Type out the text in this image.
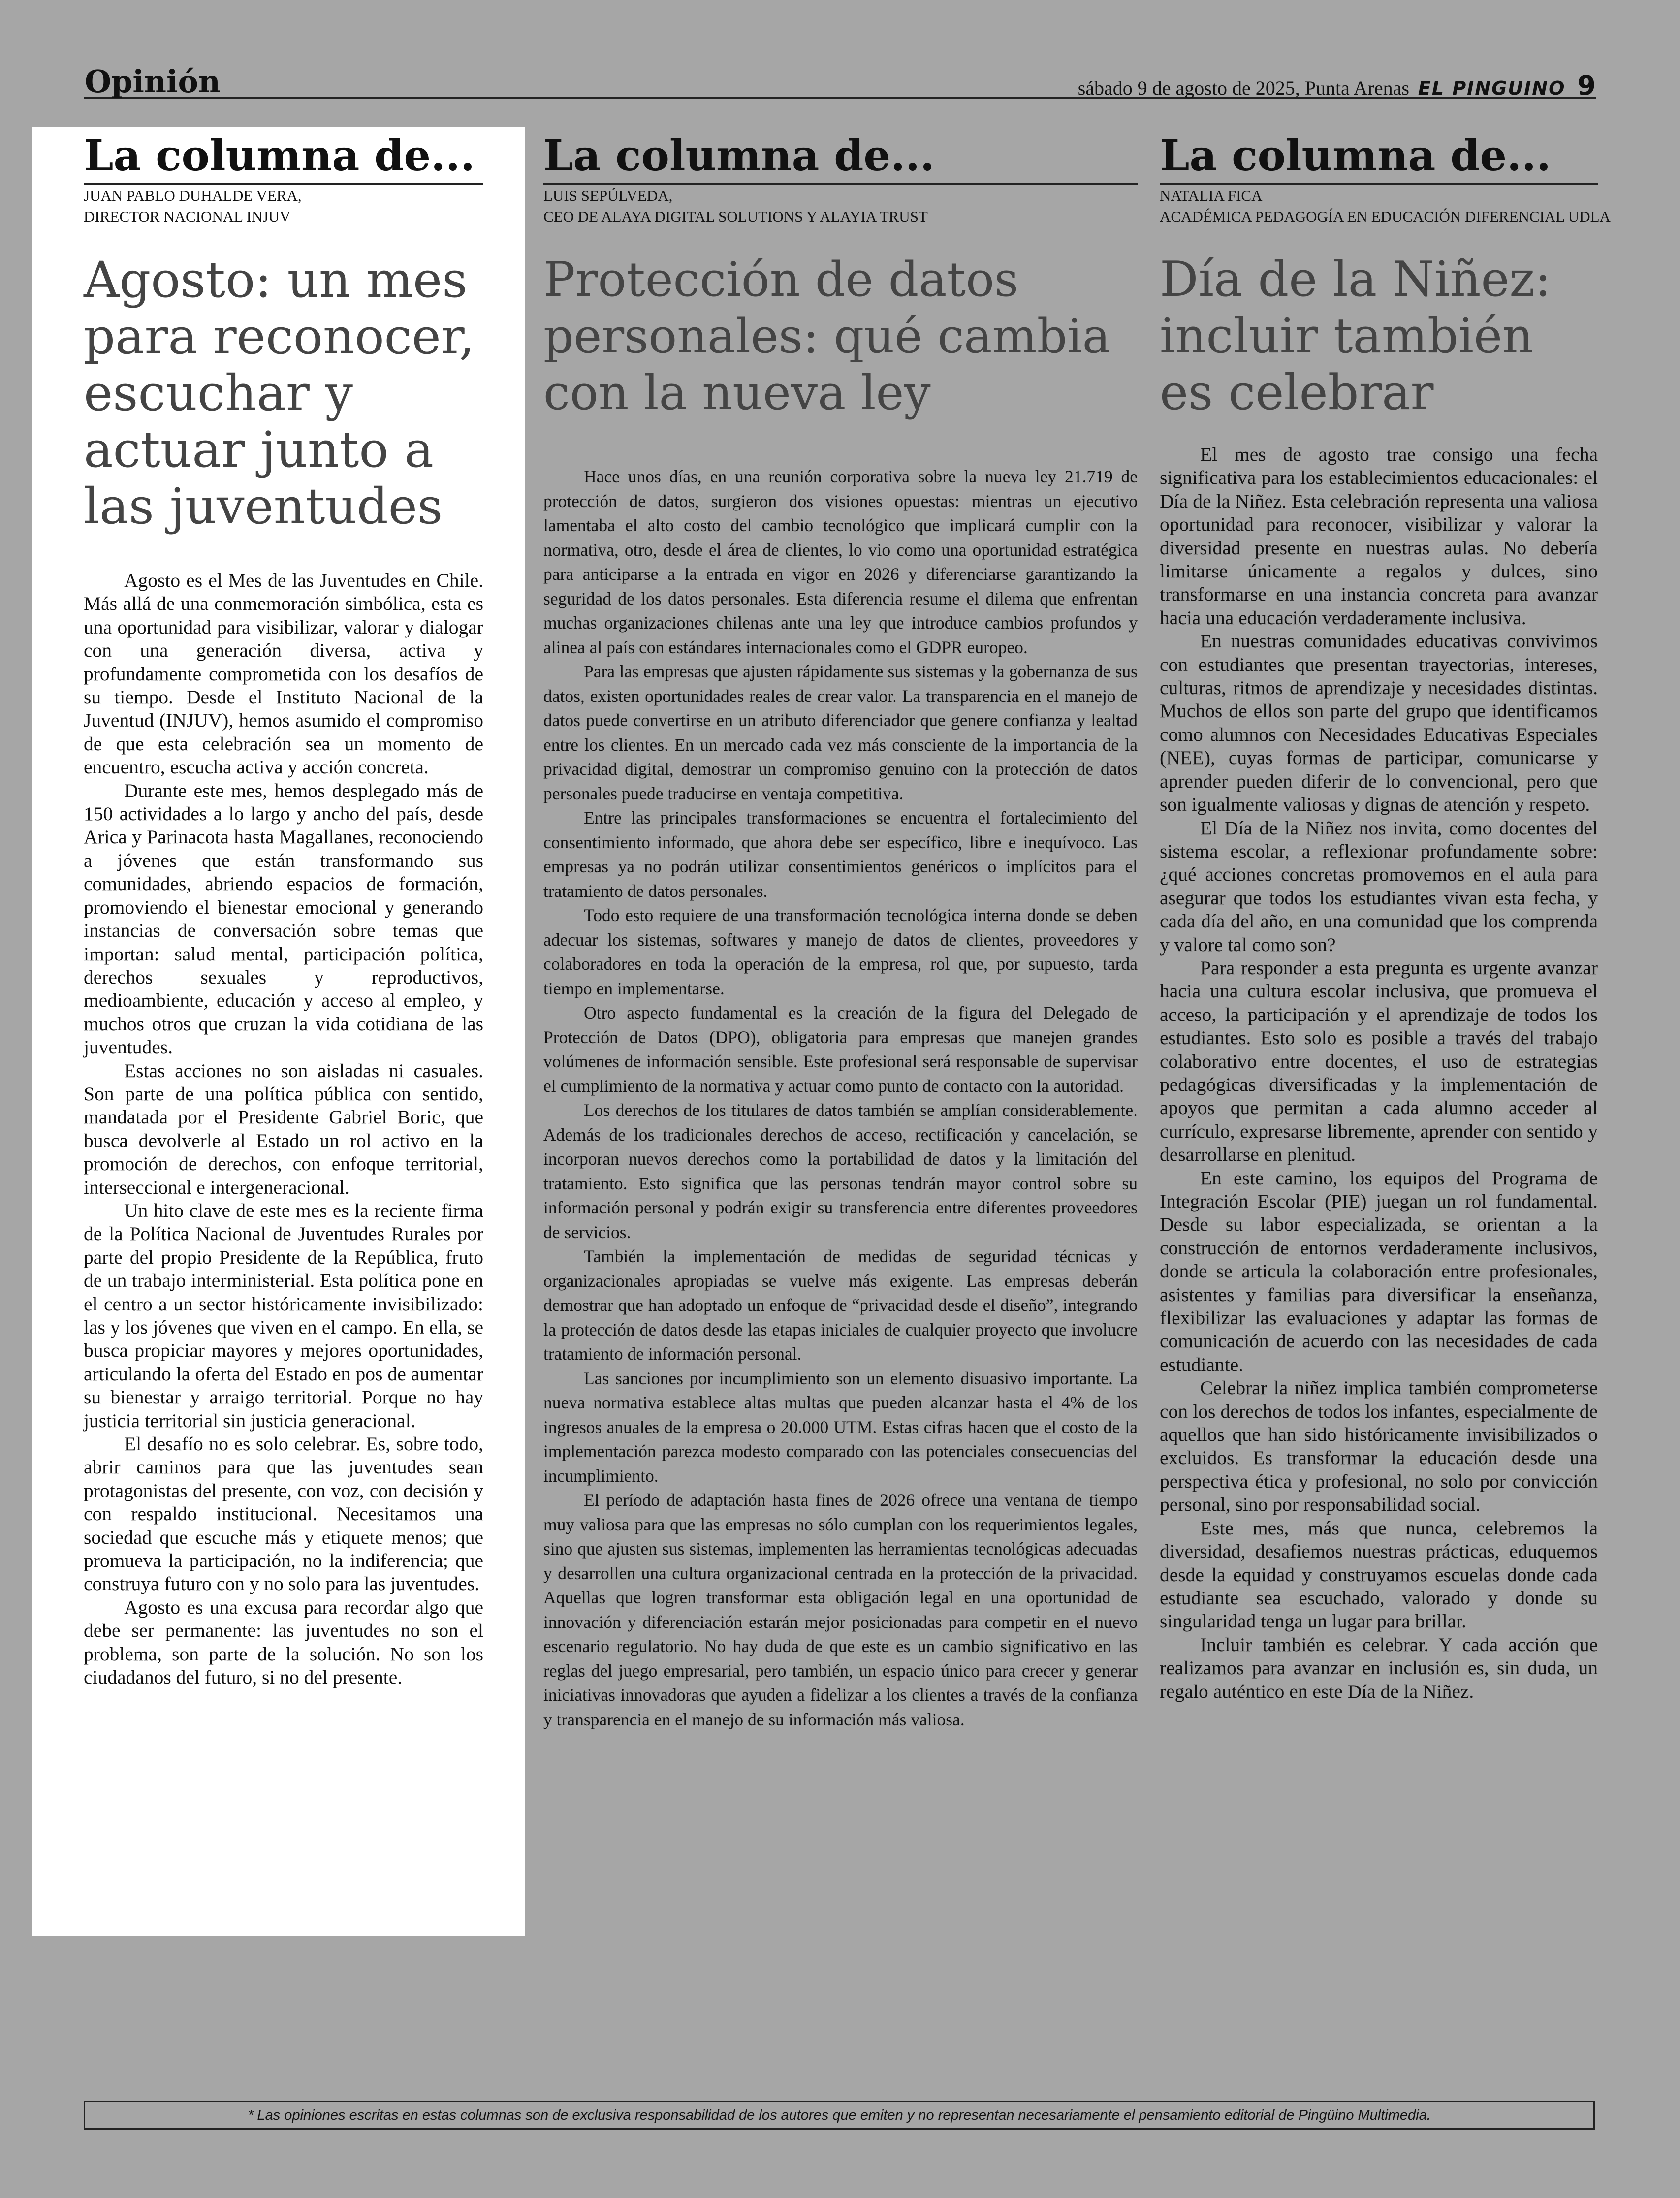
Opinión	sábado 9 de agosto de 2025, Punta Arenas EL PINGUINO 9
La columna de...
JUAN PABLO DUHALDE VERA,
DIRECTOR NACIONAL INJUV
Agosto: un mes para reconocer, escuchar y actuar junto a las juventudes

Agosto es el Mes de las Juventudes en Chile. Más allá de una conmemoración simbólica, esta es una oportunidad para visibilizar, valorar y dialogar con una generación diversa, activa y profundamente comprometida con los desafíos de su tiempo. Desde el Instituto Nacional de la Juventud (INJUV), hemos asumido el compromiso de que esta celebración sea un momento de encuentro, escucha activa y acción concreta.

Durante este mes, hemos desplegado más de 150 actividades a lo largo y ancho del país, desde Arica y Parinacota hasta Magallanes, reconociendo a jóvenes que están transformando sus comunidades, abriendo espacios de formación, promoviendo el bienestar emocional y generando instancias de conversación sobre temas que importan: salud mental, participación política, derechos sexuales y reproductivos, medioambiente, educación y acceso al empleo, y muchos otros que cruzan la vida cotidiana de las juventudes.

Estas acciones no son aisladas ni casuales. Son parte de una política pública con sentido, mandatada por el Presidente Gabriel Boric, que busca devolverle al Estado un rol activo en la promoción de derechos, con enfoque territorial, interseccional e intergeneracional.

Un hito clave de este mes es la reciente firma de la Política Nacional de Juventudes Rurales por parte del propio Presidente de la República, fruto de un trabajo interministerial. Esta política pone en el centro a un sector históricamente invisibilizado: las y los jóvenes que viven en el campo. En ella, se busca propiciar mayores y mejores oportunidades, articulando la oferta del Estado en pos de aumentar su bienestar y arraigo territorial. Porque no hay justicia territorial sin justicia generacional.

El desafío no es solo celebrar. Es, sobre todo, abrir caminos para que las juventudes sean protagonistas del presente, con voz, con decisión y con respaldo institucional. Necesitamos una sociedad que escuche más y etiquete menos; que promueva la participación, no la indiferencia; que construya futuro con y no solo para las juventudes.

Agosto es una excusa para recordar algo que debe ser permanente: las juventudes no son el problema, son parte de la solución. No son los ciudadanos del futuro, si no del presente.

La columna de...
LUIS SEPÚLVEDA,
CEO DE ALAYA DIGITAL SOLUTIONS Y ALAYIA TRUST
Protección de datos personales: qué cambia con la nueva ley

Hace unos días, en una reunión corporativa sobre la nueva ley 21.719 de protección de datos, surgieron dos visiones opuestas: mientras un ejecutivo lamentaba el alto costo del cambio tecnológico que implicará cumplir con la normativa, otro, desde el área de clientes, lo vio como una oportunidad estratégica para anticiparse a la entrada en vigor en 2026 y diferenciarse garantizando la seguridad de los datos personales. Esta diferencia resume el dilema que enfrentan muchas organizaciones chilenas ante una ley que introduce cambios profundos y alinea al país con estándares internacionales como el GDPR europeo.

Para las empresas que ajusten rápidamente sus sistemas y la gobernanza de sus datos, existen oportunidades reales de crear valor. La transparencia en el manejo de datos puede convertirse en un atributo diferenciador que genere confianza y lealtad entre los clientes. En un mercado cada vez más consciente de la importancia de la privacidad digital, demostrar un compromiso genuino con la protección de datos personales puede traducirse en ventaja competitiva.

Entre las principales transformaciones se encuentra el fortalecimiento del consentimiento informado, que ahora debe ser específico, libre e inequívoco. Las empresas ya no podrán utilizar consentimientos genéricos o implícitos para el tratamiento de datos personales.

Todo esto requiere de una transformación tecnológica interna donde se deben adecuar los sistemas, softwares y manejo de datos de clientes, proveedores y colaboradores en toda la operación de la empresa, rol que, por supuesto, tarda tiempo en implementarse.

Otro aspecto fundamental es la creación de la figura del Delegado de Protección de Datos (DPO), obligatoria para empresas que manejen grandes volúmenes de información sensible. Este profesional será responsable de supervisar el cumplimiento de la normativa y actuar como punto de contacto con la autoridad.

Los derechos de los titulares de datos también se amplían considerablemente. Además de los tradicionales derechos de acceso, rectificación y cancelación, se incorporan nuevos derechos como la portabilidad de datos y la limitación del tratamiento. Esto significa que las personas tendrán mayor control sobre su información personal y podrán exigir su transferencia entre diferentes proveedores de servicios.

También la implementación de medidas de seguridad técnicas y organizacionales apropiadas se vuelve más exigente. Las empresas deberán demostrar que han adoptado un enfoque de “privacidad desde el diseño”, integrando la protección de datos desde las etapas iniciales de cualquier proyecto que involucre tratamiento de información personal.

Las sanciones por incumplimiento son un elemento disuasivo importante. La nueva normativa establece altas multas que pueden alcanzar hasta el 4% de los ingresos anuales de la empresa o 20.000 UTM. Estas cifras hacen que el costo de la implementación parezca modesto comparado con las potenciales consecuencias del incumplimiento.

El período de adaptación hasta fines de 2026 ofrece una ventana de tiempo muy valiosa para que las empresas no sólo cumplan con los requerimientos legales, sino que ajusten sus sistemas, implementen las herramientas tecnológicas adecuadas y desarrollen una cultura organizacional centrada en la protección de la privacidad. Aquellas que logren transformar esta obligación legal en una oportunidad de innovación y diferenciación estarán mejor posicionadas para competir en el nuevo escenario regulatorio. No hay duda de que este es un cambio significativo en las reglas del juego empresarial, pero también, un espacio único para crecer y generar iniciativas innovadoras que ayuden a fidelizar a los clientes a través de la confianza y transparencia en el manejo de su información más valiosa.

La columna de...
NATALIA FICA
ACADÉMICA PEDAGOGÍA EN EDUCACIÓN DIFERENCIAL UDLA
Día de la Niñez: incluir también es celebrar

El mes de agosto trae consigo una fecha significativa para los establecimientos educacionales: el Día de la Niñez. Esta celebración representa una valiosa oportunidad para reconocer, visibilizar y valorar la diversidad presente en nuestras aulas. No debería limitarse únicamente a regalos y dulces, sino transformarse en una instancia concreta para avanzar hacia una educación verdaderamente inclusiva.

En nuestras comunidades educativas convivimos con estudiantes que presentan trayectorias, intereses, culturas, ritmos de aprendizaje y necesidades distintas. Muchos de ellos son parte del grupo que identificamos como alumnos con Necesidades Educativas Especiales (NEE), cuyas formas de participar, comunicarse y aprender pueden diferir de lo convencional, pero que son igualmente valiosas y dignas de atención y respeto.

El Día de la Niñez nos invita, como docentes del sistema escolar, a reflexionar profundamente sobre: ¿qué acciones concretas promovemos en el aula para asegurar que todos los estudiantes vivan esta fecha, y cada día del año, en una comunidad que los comprenda y valore tal como son?

Para responder a esta pregunta es urgente avanzar hacia una cultura escolar inclusiva, que promueva el acceso, la participación y el aprendizaje de todos los estudiantes. Esto solo es posible a través del trabajo colaborativo entre docentes, el uso de estrategias pedagógicas diversificadas y la implementación de apoyos que permitan a cada alumno acceder al currículo, expresarse libremente, aprender con sentido y desarrollarse en plenitud.

En este camino, los equipos del Programa de Integración Escolar (PIE) juegan un rol fundamental. Desde su labor especializada, se orientan a la construcción de entornos verdaderamente inclusivos, donde se articula la colaboración entre profesionales, asistentes y familias para diversificar la enseñanza, flexibilizar las evaluaciones y adaptar las formas de comunicación de acuerdo con las necesidades de cada estudiante.

Celebrar la niñez implica también comprometerse con los derechos de todos los infantes, especialmente de aquellos que han sido históricamente invisibilizados o excluidos. Es transformar la educación desde una perspectiva ética y profesional, no solo por convicción personal, sino por responsabilidad social.

Este mes, más que nunca, celebremos la diversidad, desafiemos nuestras prácticas, eduquemos desde la equidad y construyamos escuelas donde cada estudiante sea escuchado, valorado y donde su singularidad tenga un lugar para brillar.

Incluir también es celebrar. Y cada acción que realizamos para avanzar en inclusión es, sin duda, un regalo auténtico en este Día de la Niñez.

* Las opiniones escritas en estas columnas son de exclusiva responsabilidad de los autores que emiten y no representan necesariamente el pensamiento editorial de Pingüino Multimedia.
